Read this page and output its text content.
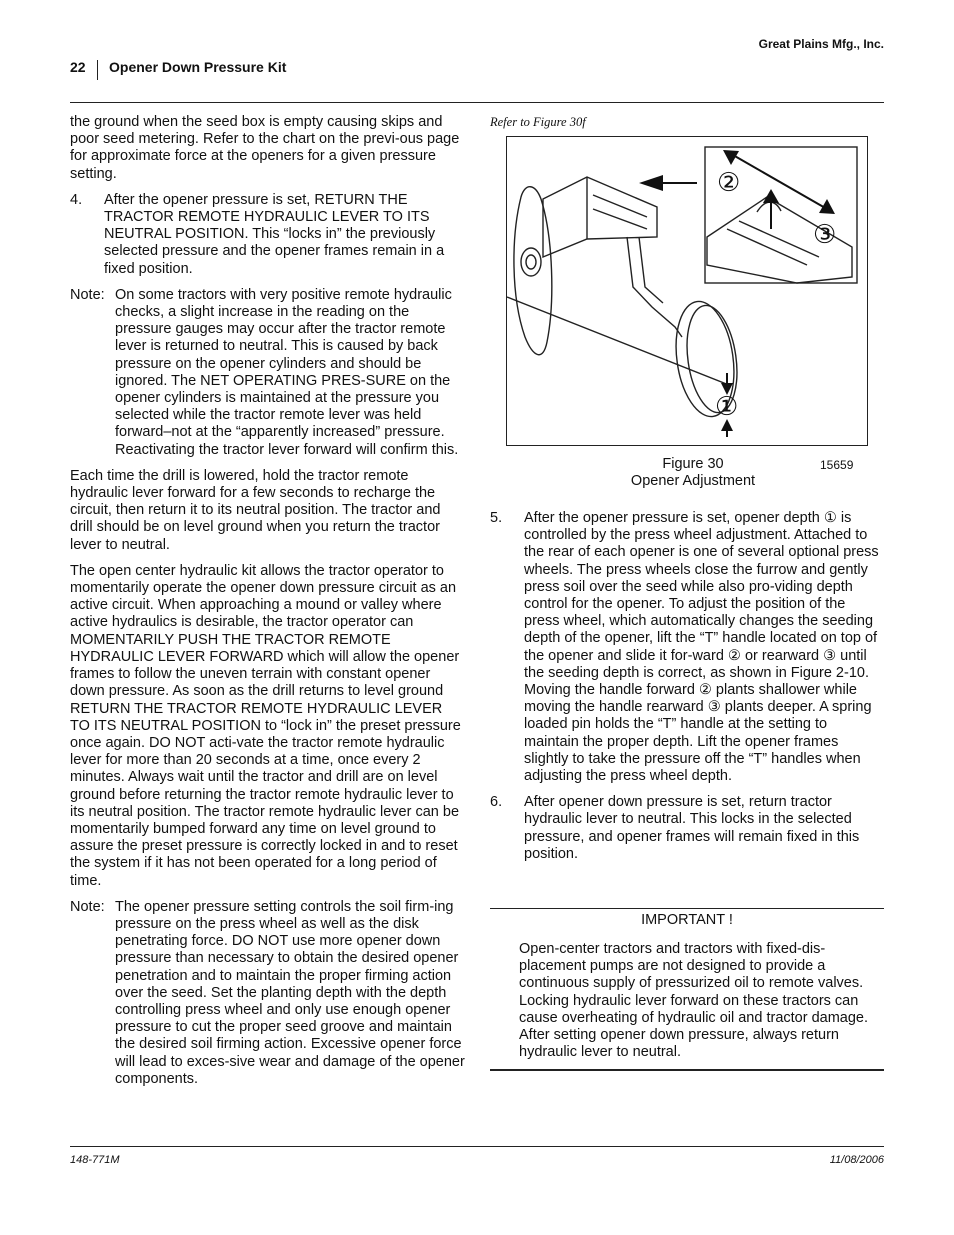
Great Plains Mfg., Inc.
22 Opener Down Pressure Kit

the ground when the seed box is empty causing skips and poor seed metering. Refer to the chart on the previ-ous page for approximate force at the openers for a given pressure setting.

4.	After the opener pressure is set, RETURN THE TRACTOR REMOTE HYDRAULIC LEVER TO ITS NEUTRAL POSITION. This “locks in” the previously selected pressure and the opener frames remain in a fixed position.
Note: On some tractors with very positive remote hydraulic checks, a slight increase in the reading on the pressure gauges may occur after the tractor remote lever is returned to neutral. This is caused by back pressure on the opener cylinders and should be ignored. The NET OPERATING PRES-SURE on the opener cylinders is maintained at the pressure you selected while the tractor remote lever was held forward–not at the “apparently increased” pressure. Reactivating the tractor lever forward will confirm this.

Each time the drill is lowered, hold the tractor remote hydraulic lever forward for a few seconds to recharge the circuit, then return it to its neutral position. The tractor and drill should be on level ground when you return the tractor lever to neutral.

The open center hydraulic kit allows the tractor operator to momentarily operate the opener down pressure circuit as an active circuit. When approaching a mound or valley where active hydraulics is desirable, the tractor operator can MOMENTARILY PUSH THE TRACTOR REMOTE HYDRAULIC LEVER FORWARD which will allow the opener frames to follow the uneven terrain with constant opener down pressure. As soon as the drill returns to level ground RETURN THE TRACTOR REMOTE HYDRAULIC LEVER TO ITS NEUTRAL POSITION to “lock in” the preset pressure once again. DO NOT acti-vate the tractor remote hydraulic lever for more than 20 seconds at a time, once every 2 minutes. Always wait until the tractor and drill are on level ground before returning the tractor remote hydraulic lever to its neutral position. The tractor remote hydraulic lever can be momentarily bumped forward any time on level ground to assure the preset pressure is correctly locked in and to reset the system if it has not been operated for a long period of time.

Note: The opener pressure setting controls the soil firm-ing pressure on the press wheel as well as the disk penetrating force. DO NOT use more opener down pressure than necessary to obtain the desired opener penetration and to maintain the proper firming action over the seed. Set the planting depth with the depth controlling press wheel and only use enough opener pressure to cut the proper seed groove and maintain the desired soil firming action. Excessive opener force will lead to exces-sive wear and damage of the opener components.
Refer to Figure 30f
②
③
①
Figure 30
Opener Adjustment
15659
5.	After the opener pressure is set, opener depth ① is controlled by the press wheel adjustment. Attached to the rear of each opener is one of several optional press wheels. The press wheels close the furrow and gently press soil over the seed while also pro-viding depth control for the opener. To adjust the position of the press wheel, which automatically changes the seeding depth of the opener, lift the “T” handle located on top of the opener and slide it for-ward ② or rearward ③ until the seeding depth is correct, as shown in Figure 2-10. Moving the handle forward ② plants shallower while moving the handle rearward ③ plants deeper. A spring loaded pin holds the “T” handle at the setting to maintain the proper depth. Lift the opener frames slightly to take the pressure off the “T” handles when adjusting the press wheel depth.
6.	After opener down pressure is set, return tractor hydraulic lever to neutral. This locks in the selected pressure, and opener frames will remain fixed in this position.
IMPORTANT !
Open-center tractors and tractors with fixed-dis-placement pumps are not designed to provide a continuous supply of pressurized oil to remote valves. Locking hydraulic lever forward on these tractors can cause overheating of hydraulic oil and tractor damage. After setting opener down pressure, always return hydraulic lever to neutral.
148-771M	11/08/2006
